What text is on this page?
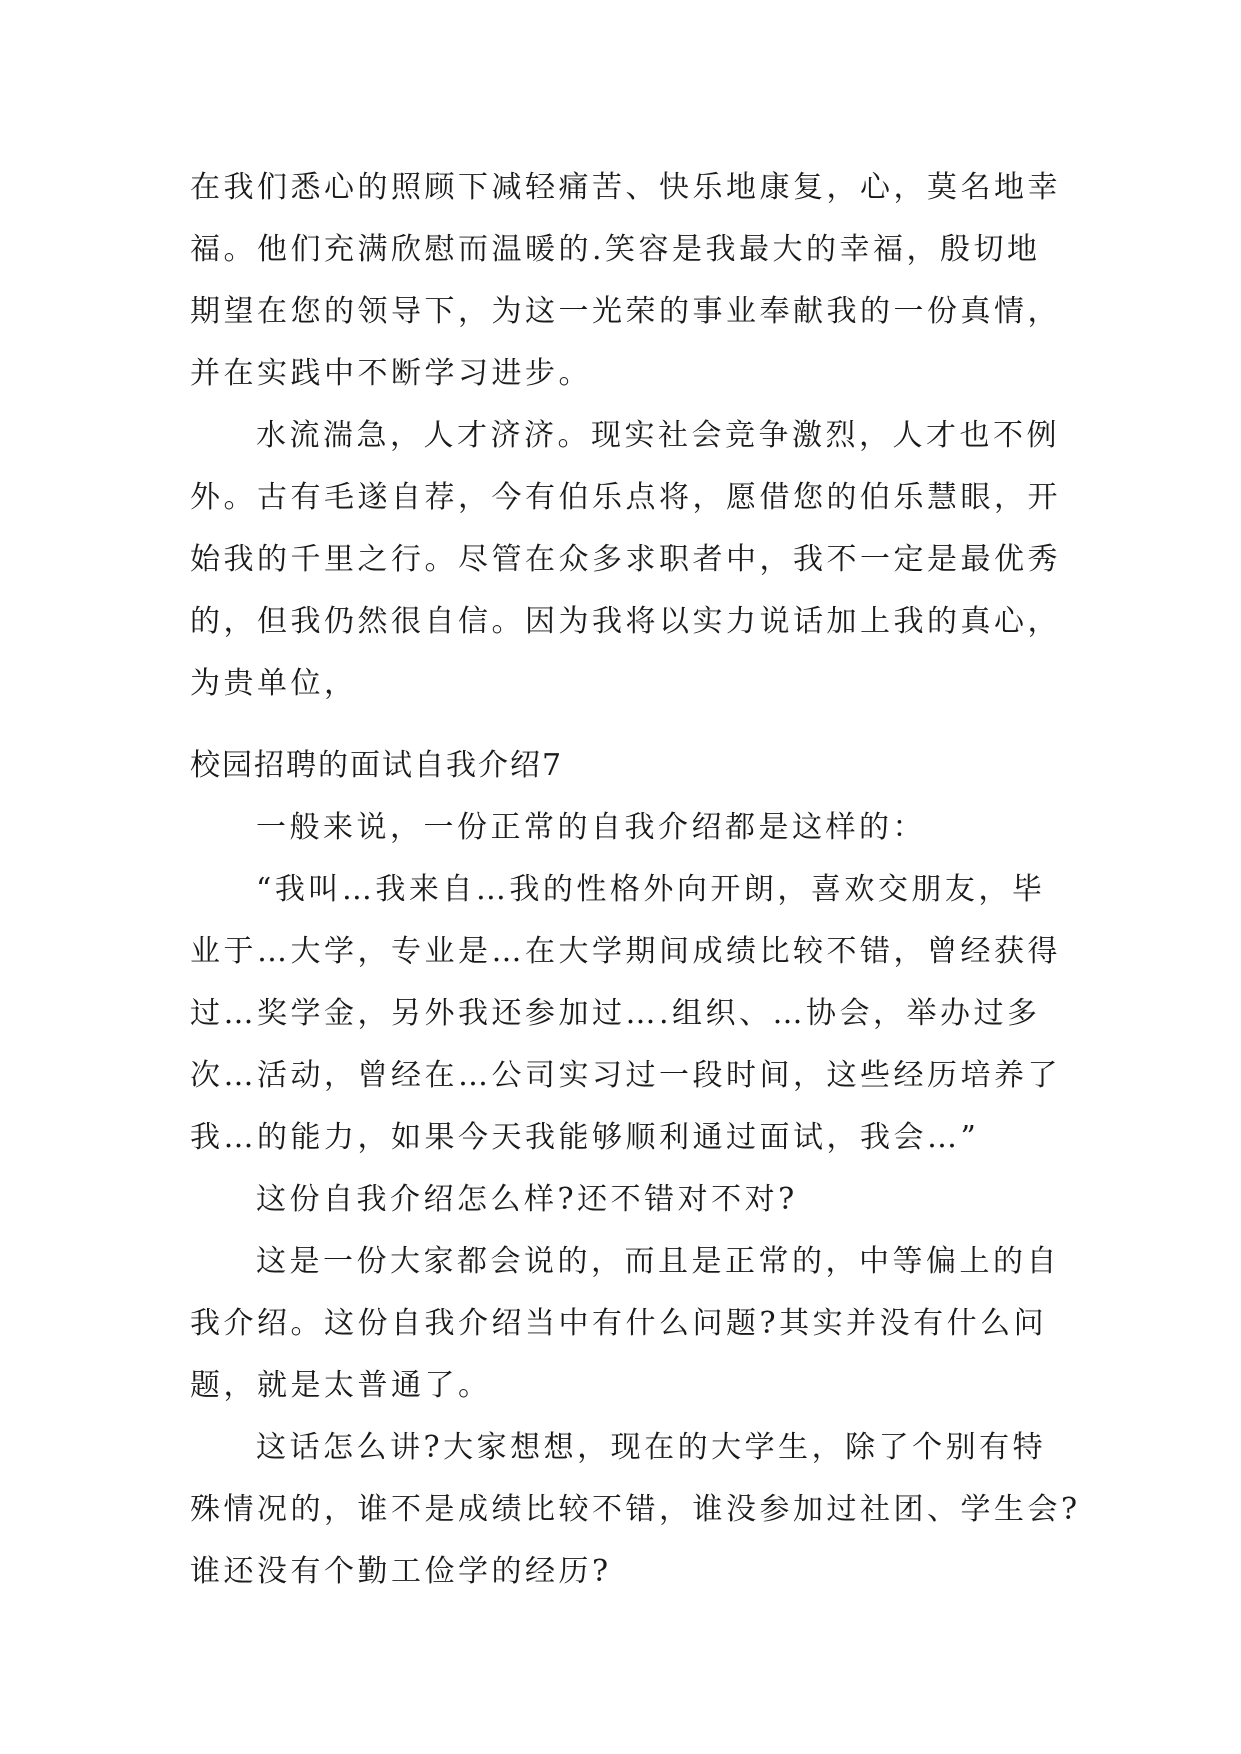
在我们悉心的照顾下减轻痛苦、快乐地康复，心，莫名地幸
福。他们充满欣慰而温暖的.笑容是我最大的幸福，殷切地
期望在您的领导下，为这一光荣的事业奉献我的一份真情，
并在实践中不断学习进步。
水流湍急，人才济济。现实社会竞争激烈，人才也不例
外。古有毛遂自荐，今有伯乐点将，愿借您的伯乐慧眼，开
始我的千里之行。尽管在众多求职者中，我不一定是最优秀
的，但我仍然很自信。因为我将以实力说话加上我的真心，
为贵单位，
校园招聘的面试自我介绍7
一般来说，一份正常的自我介绍都是这样的：
“我叫…我来自…我的性格外向开朗，喜欢交朋友，毕
业于…大学，专业是…在大学期间成绩比较不错，曾经获得
过…奖学金，另外我还参加过….组织、…协会，举办过多
次…活动，曾经在…公司实习过一段时间，这些经历培养了
我…的能力，如果今天我能够顺利通过面试，我会…”
这份自我介绍怎么样?还不错对不对?
这是一份大家都会说的，而且是正常的，中等偏上的自
我介绍。这份自我介绍当中有什么问题?其实并没有什么问
题，就是太普通了。
这话怎么讲?大家想想，现在的大学生，除了个别有特
殊情况的，谁不是成绩比较不错，谁没参加过社团、学生会?
谁还没有个勤工俭学的经历?
